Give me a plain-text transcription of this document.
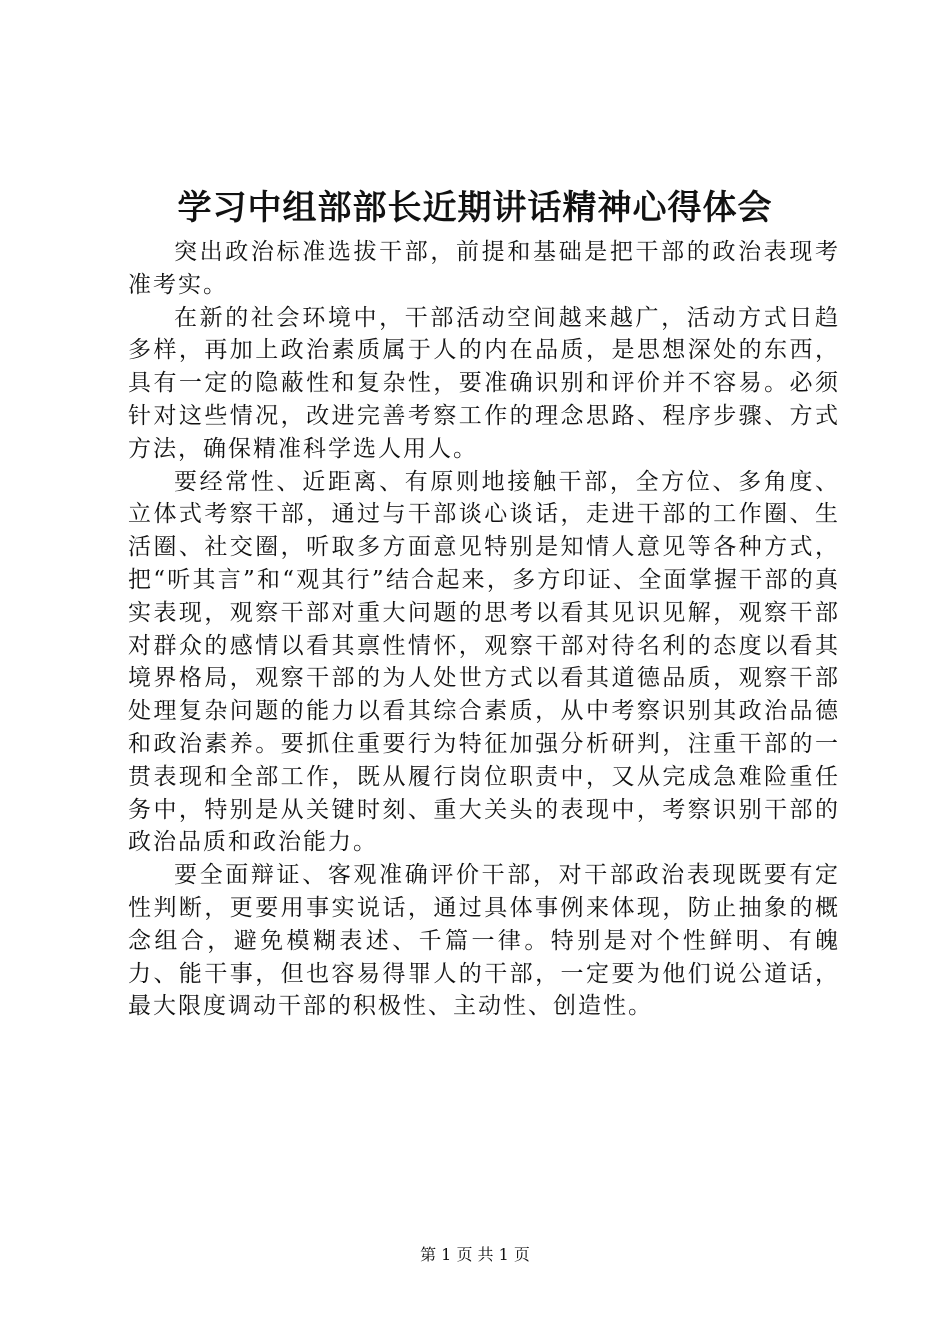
学习中组部部长近期讲话精神心得体会

突出政治标准选拔干部，前提和基础是把干部的政治表现考准考实。

在新的社会环境中，干部活动空间越来越广，活动方式日趋多样，再加上政治素质属于人的内在品质，是思想深处的东西，具有一定的隐蔽性和复杂性，要准确识别和评价并不容易。必须针对这些情况，改进完善考察工作的理念思路、程序步骤、方式方法，确保精准科学选人用人。

要经常性、近距离、有原则地接触干部，全方位、多角度、立体式考察干部，通过与干部谈心谈话，走进干部的工作圈、生活圈、社交圈，听取多方面意见特别是知情人意见等各种方式，把“听其言”和“观其行”结合起来，多方印证、全面掌握干部的真实表现，观察干部对重大问题的思考以看其见识见解，观察干部对群众的感情以看其禀性情怀，观察干部对待名利的态度以看其境界格局，观察干部的为人处世方式以看其道德品质，观察干部处理复杂问题的能力以看其综合素质，从中考察识别其政治品德和政治素养。要抓住重要行为特征加强分析研判，注重干部的一贯表现和全部工作，既从履行岗位职责中，又从完成急难险重任务中，特别是从关键时刻、重大关头的表现中，考察识别干部的政治品质和政治能力。

要全面辩证、客观准确评价干部，对干部政治表现既要有定性判断，更要用事实说话，通过具体事例来体现，防止抽象的概念组合，避免模糊表述、千篇一律。特别是对个性鲜明、有魄力、能干事，但也容易得罪人的干部，一定要为他们说公道话，最大限度调动干部的积极性、主动性、创造性。

第 1 页 共 1 页
